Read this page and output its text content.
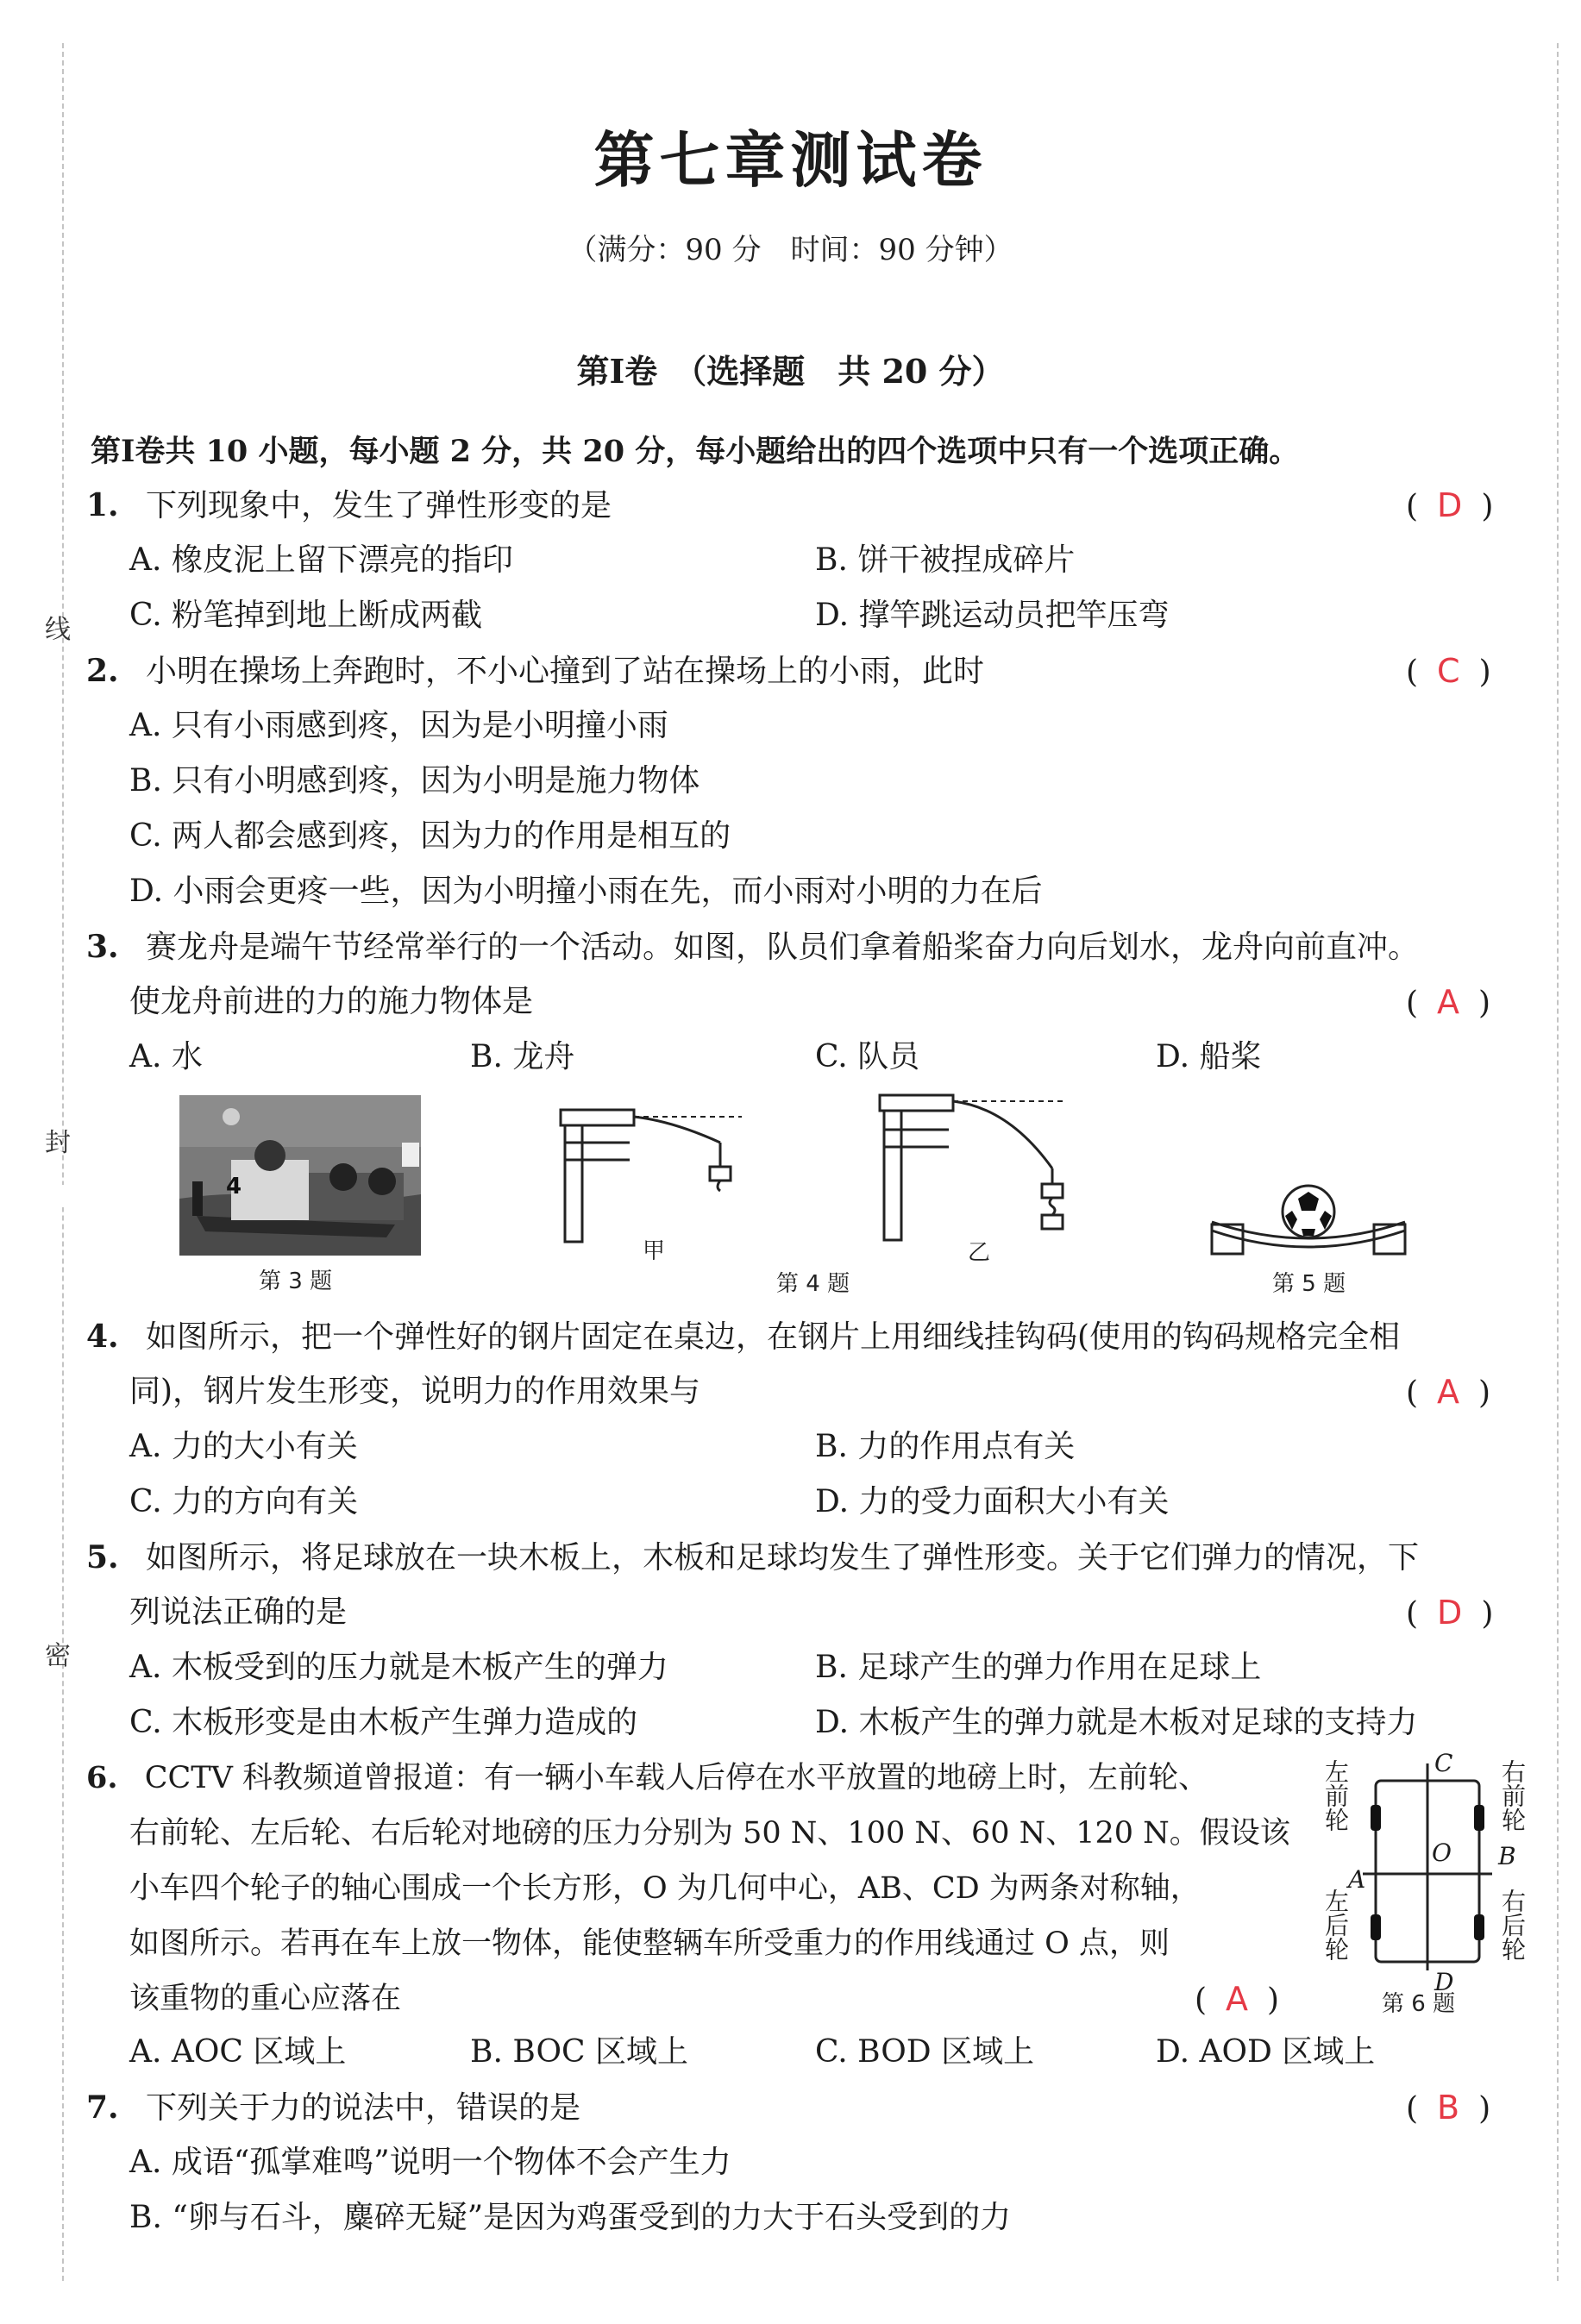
线
封
密
第七章测试卷
（满分：90 分　时间：90 分钟）
第Ⅰ卷　（选择题　共 20 分）
第Ⅰ卷共 10 小题，每小题 2 分，共 20 分，每小题给出的四个选项中只有一个选项正确。
1. 下列现象中，发生了弹性形变的是	( D )
A. 橡皮泥上留下漂亮的指印	B. 饼干被捏成碎片
C. 粉笔掉到地上断成两截	D. 撑竿跳运动员把竿压弯
2. 小明在操场上奔跑时，不小心撞到了站在操场上的小雨，此时	( C )
A. 只有小雨感到疼，因为是小明撞小雨
B. 只有小明感到疼，因为小明是施力物体
C. 两人都会感到疼，因为力的作用是相互的
D. 小雨会更疼一些，因为小明撞小雨在先，而小雨对小明的力在后
3. 赛龙舟是端午节经常举行的一个活动。如图，队员们拿着船桨奋力向后划水，龙舟向前直冲。
使龙舟前进的力的施力物体是	( A )
A. 水	B. 龙舟	C. 队员	D. 船桨
4
第 3 题
甲	乙
第 4 题	第 5 题
4. 如图所示，把一个弹性好的钢片固定在桌边，在钢片上用细线挂钩码(使用的钩码规格完全相
同)，钢片发生形变，说明力的作用效果与	( A )
A. 力的大小有关	B. 力的作用点有关
C. 力的方向有关	D. 力的受力面积大小有关
5. 如图所示，将足球放在一块木板上，木板和足球均发生了弹性形变。关于它们弹力的情况，下
列说法正确的是	( D )
A. 木板受到的压力就是木板产生的弹力	B. 足球产生的弹力作用在足球上
C. 木板形变是由木板产生弹力造成的	D. 木板产生的弹力就是木板对足球的支持力
6. CCTV 科教频道曾报道：有一辆小车载人后停在水平放置的地磅上时，左前轮、
右前轮、左后轮、右后轮对地磅的压力分别为 50 N、100 N、60 N、120 N。假设该
小车四个轮子的轴心围成一个长方形，O 为几何中心，AB、CD 为两条对称轴，
如图所示。若再在车上放一物体，能使整辆车所受重力的作用线通过 O 点，则
该重物的重心应落在	( A )
A. AOC 区域上	B. BOC 区域上	C. BOD 区域上	D. AOD 区域上
左前轮	右前轮
左后轮	右后轮
C
D
A
B
O
第 6 题
7. 下列关于力的说法中，错误的是	( B )
A. 成语“孤掌难鸣”说明一个物体不会产生力
B. “卵与石斗，麋碎无疑”是因为鸡蛋受到的力大于石头受到的力
